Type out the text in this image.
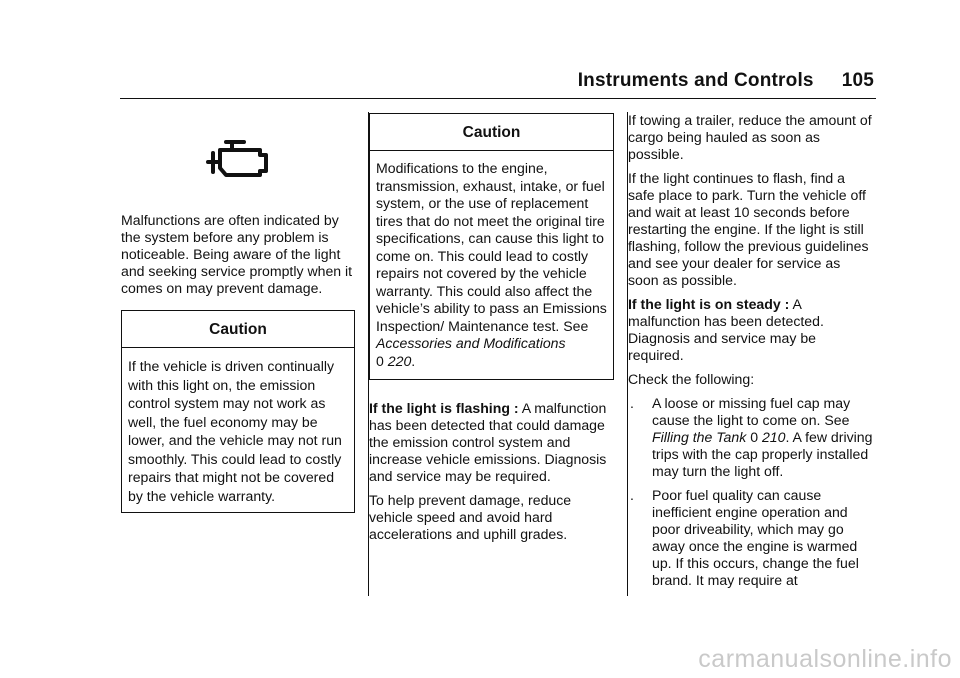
Instruments and Controls 105

Malfunctions are often indicated by the system before any problem is noticeable. Being aware of the light and seeking service promptly when it comes on may prevent damage.

Caution
If the vehicle is driven continually with this light on, the emission control system may not work as well, the fuel economy may be lower, and the vehicle may not run smoothly. This could lead to costly repairs that might not be covered by the vehicle warranty.
Caution
Modifications to the engine, transmission, exhaust, intake, or fuel system, or the use of replacement tires that do not meet the original tire specifications, can cause this light to come on. This could lead to costly repairs not covered by the vehicle warranty. This could also affect the vehicle’s ability to pass an Emissions Inspection/ Maintenance test. See
Accessories and Modifications
0 220.

If the light is flashing : A malfunction has been detected that could damage the emission control system and increase vehicle emissions. Diagnosis and service may be required.

To help prevent damage, reduce vehicle speed and avoid hard accelerations and uphill grades.

If towing a trailer, reduce the amount of cargo being hauled as soon as possible.

If the light continues to flash, find a safe place to park. Turn the vehicle off and wait at least 10 seconds before restarting the engine. If the light is still flashing, follow the previous guidelines and see your dealer for service as soon as possible.

If the light is on steady : A malfunction has been detected. Diagnosis and service may be required.

Check the following:

.	A loose or missing fuel cap may cause the light to come on. See Filling the Tank 0 210. A few driving trips with the cap properly installed may turn the light off.
.	Poor fuel quality can cause inefficient engine operation and poor driveability, which may go away once the engine is warmed up. If this occurs, change the fuel brand. It may require at
carmanualsonline.info
